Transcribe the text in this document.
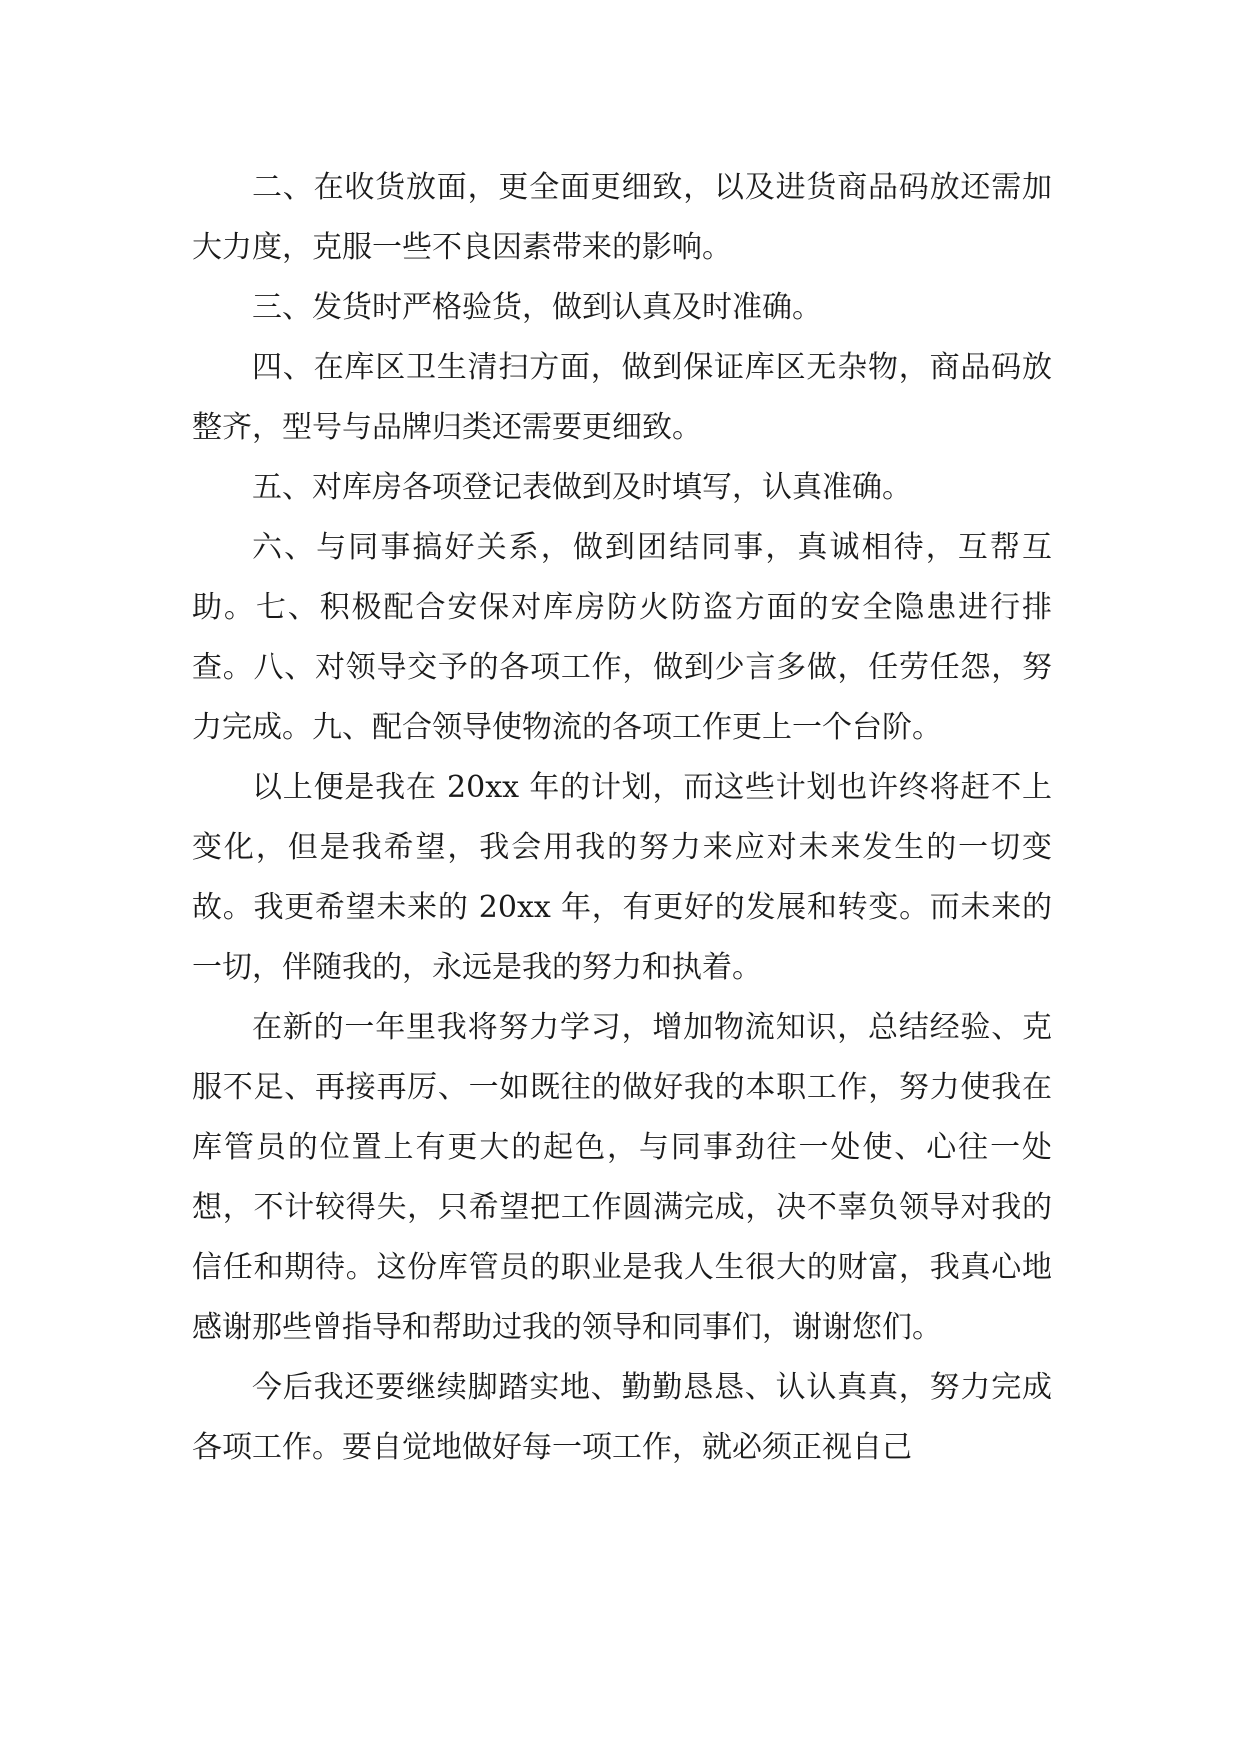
二、在收货放面，更全面更细致，以及进货商品码放还需加大力度，克服一些不良因素带来的影响。

三、发货时严格验货，做到认真及时准确。

四、在库区卫生清扫方面，做到保证库区无杂物，商品码放整齐，型号与品牌归类还需要更细致。

五、对库房各项登记表做到及时填写，认真准确。

六、与同事搞好关系，做到团结同事，真诚相待，互帮互助。七、积极配合安保对库房防火防盗方面的安全隐患进行排查。八、对领导交予的各项工作，做到少言多做，任劳任怨，努力完成。九、配合领导使物流的各项工作更上一个台阶。

以上便是我在 20xx 年的计划，而这些计划也许终将赶不上变化，但是我希望，我会用我的努力来应对未来发生的一切变故。我更希望未来的 20xx 年，有更好的发展和转变。而未来的一切，伴随我的，永远是我的努力和执着。

在新的一年里我将努力学习，增加物流知识，总结经验、克服不足、再接再厉、一如既往的做好我的本职工作，努力使我在库管员的位置上有更大的起色，与同事劲往一处使、心往一处想，不计较得失，只希望把工作圆满完成，决不辜负领导对我的信任和期待。这份库管员的职业是我人生很大的财富，我真心地感谢那些曾指导和帮助过我的领导和同事们，谢谢您们。

今后我还要继续脚踏实地、勤勤恳恳、认认真真，努力完成各项工作。要自觉地做好每一项工作，就必须正视自己
